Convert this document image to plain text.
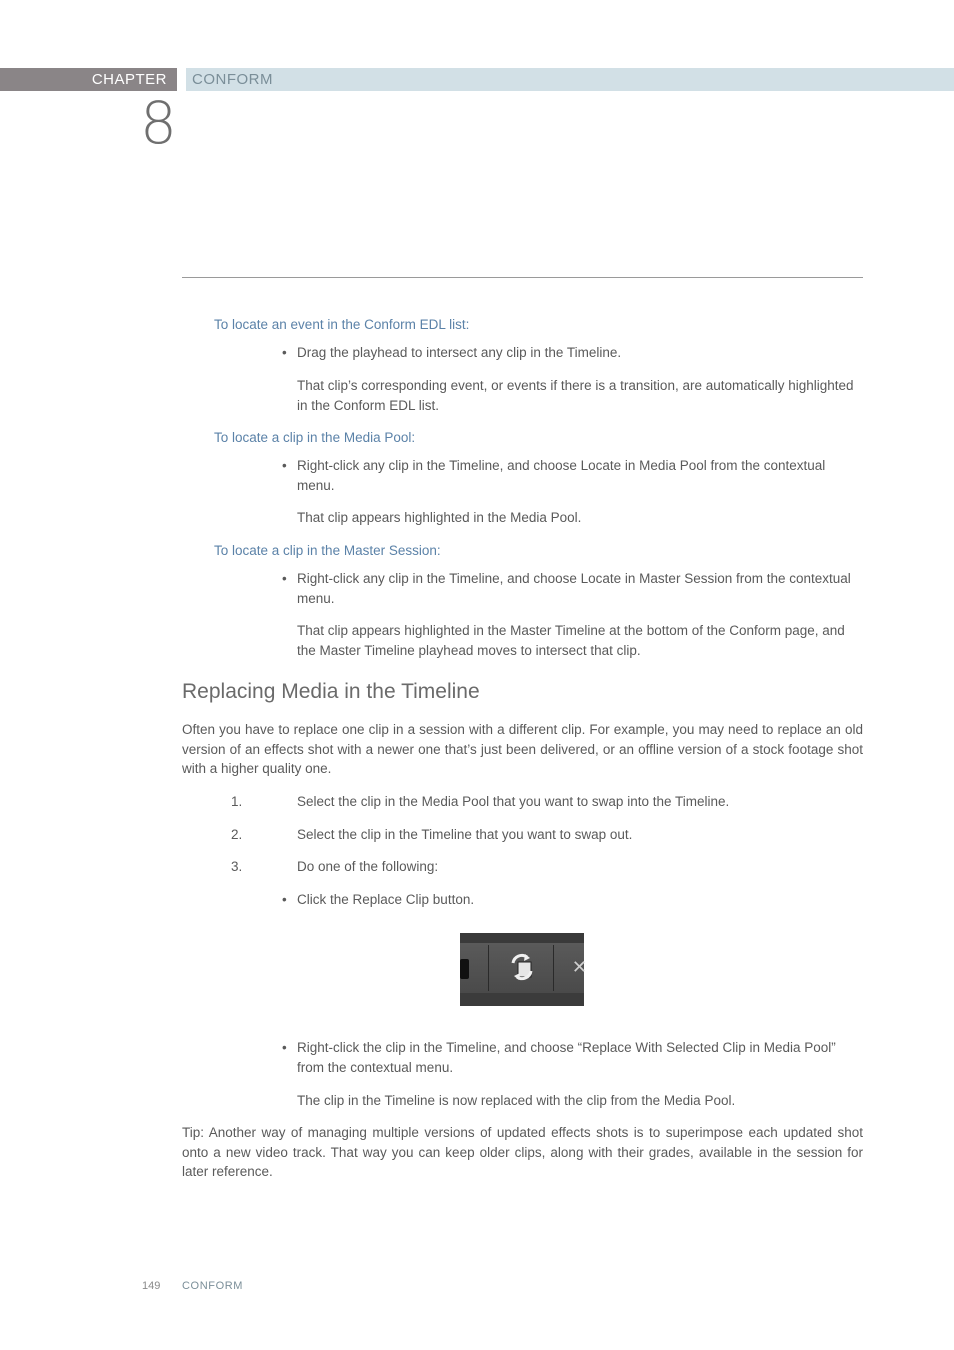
CHAPTER	CONFORM
8
To locate an event in the Conform EDL list:
• Drag the playhead to intersect any clip in the Timeline.
That clip’s corresponding event, or events if there is a transition, are automatically highlighted in the Conform EDL list.
To locate a clip in the Media Pool:
• Right-click any clip in the Timeline, and choose Locate in Media Pool from the contextual menu.
That clip appears highlighted in the Media Pool.
To locate a clip in the Master Session:
• Right-click any clip in the Timeline, and choose Locate in Master Session from the contextual menu.
That clip appears highlighted in the Master Timeline at the bottom of the Conform page, and the Master Timeline playhead moves to intersect that clip.
Replacing Media in the Timeline
Often you have to replace one clip in a session with a different clip. For example, you may need to replace an old version of an effects shot with a newer one that’s just been delivered, or an offline version of a stock footage shot with a higher quality one.
1.	Select the clip in the Media Pool that you want to swap into the Timeline.
2.	Select the clip in the Timeline that you want to swap out.
3.	Do one of the following:
• Click the Replace Clip button.
✕
• Right-click the clip in the Timeline, and choose “Replace With Selected Clip in Media Pool” from the contextual menu.
The clip in the Timeline is now replaced with the clip from the Media Pool.
Tip: Another way of managing multiple versions of updated effects shots is to superimpose each updated shot onto a new video track. That way you can keep older clips, along with their grades, available in the session for later reference.
149 CONFORM
